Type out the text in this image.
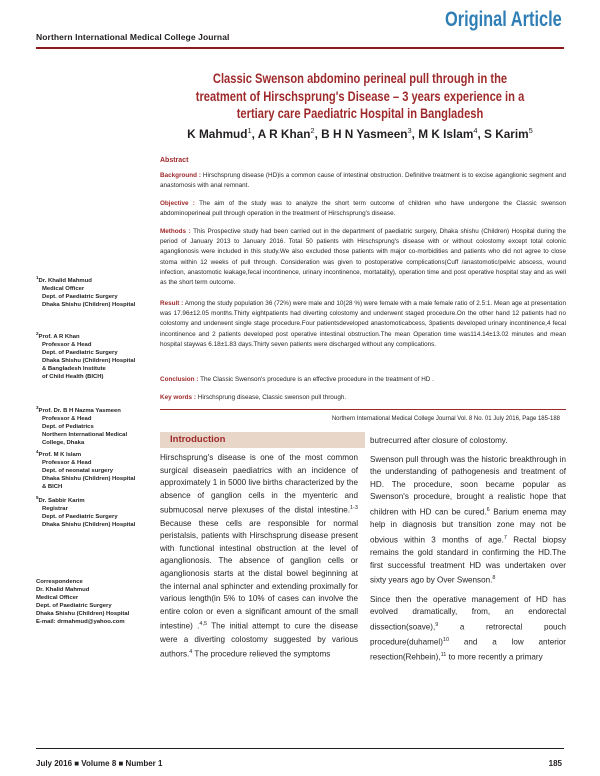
Northern International Medical College Journal
Original Article
Classic Swenson abdomino perineal pull through in the treatment of Hirschsprung's Disease – 3 years experience in a tertiary care Paediatric Hospital in Bangladesh
K Mahmud$^1$, A R Khan$^2$, B H N Yasmeen$^3$, M K Islam$^4$, S Karim$^5$
Abstract
Background : Hirschsprung disease (HD)is a common cause of intestinal obstruction. Definitive treatment is to excise aganglionic segment and anastomosis with anal remnant.
Objective : The aim of the study was to analyze the short term outcome of children who have undergone the Classic swenson abdominoperineal pull through operation in the treatment of Hirschsprung's disease.
Methods : This Prospective study had been carried out in the department of paediatric surgery, Dhaka shishu (Children) Hospital during the period of January 2013 to January 2016. Total 50 patients with Hirschsprung's disease with or without colostomy except total colonic aganglionosis were included in this study.We also excluded those patients with major co-morbidities and patients who did not agree to close stoma within 12 weeks of pull through. Consideration was given to postoperative complications(Cuff /anastomotic/pelvic abscess, wound infection, anastomotic leakage,fecal incontinence, urinary incontinence, mortatality), operation time and post operative hospital stay and as well as the short term outcome.
Result : Among the study population 36 (72%) were male and 10(28 %) were female with a male female ratio of 2.5:1. Mean age at presentation was 17.96±12.05 months.Thirty eightpatients had diverting colostomy and underwent staged procedure.On the other hand 12 patients had no colostomy and underwent single stage procedure.Four patientsdeveloped anastomoticabcess, 3patients developed urinary incontinence,4 fecal incontinence and 2 patients developed post operative intestinal obstruction.The mean Operation time was114.14±13.02 minutes and mean hospital staywas 6.18±1.83 days.Thirty seven patients were discharged without any complications.
Conclusion : The Classic Swenson's procedure is an effective procedure in the treatment of HD .
Key words : Hirschsprung disease, Classic swenson pull through.
Northern International Medical College Journal Vol. 8 No. 01 July 2016, Page 185-188
Introduction

Hirschsprung's disease is one of the most common surgical diseasein paediatrics with an incidence of approximately 1 in 5000 live births characterized by the absence of ganglion cells in the myenteric and submucosal nerve plexuses of the distal intestine.$^{1-3}$ Because these cells are responsible for normal peristalsis, patients with Hirschsprung disease present with functional intestinal obstruction at the level of aganglionosis. The absence of ganglion cells or aganglionosis starts at the distal bowel beginning at the internal anal sphincter and extending proximally for various length(in 5% to 10% of cases can involve the entire colon or even a significant amount of the small intestine) .$^{4,5}$ The initial attempt to cure the disease were a diverting colostomy suggested by various authors.$^4$ The procedure relieved the symptoms

butrecurred after closure of colostomy.

Swenson pull through was the historic breakthrough in the understanding of pathogenesis and treatment of HD. The procedure, soon became popular as Swenson's procedure, brought a realistic hope that children with HD can be cured.$^6$ Barium enema may help in diagnosis but transition zone may not be obvious within 3 months of age.$^7$ Rectal biopsy remains the gold standard in confirming the HD.The first successful treatment HD was undertaken over sixty years ago by Over Swenson.$^8$

Since then the operative management of HD has evolved dramatically, from, an endorectal dissection(soave),$^9$ a retrorectal pouch procedure(duhamel)$^{10}$ and a low anterior resection(Rehbein),$^{11}$ to more recently a primary

$^1$Dr. Khalid Mahmud
Medical Officer
Dept. of Paediatric Surgery
Dhaka Shishu (Children) Hospital
$^2$Prof. A R Khan
Professor & Head
Dept. of Paediatric Surgery
Dhaka Shishu (Children) Hospital
& Bangladesh Institute
of Child Health (BICH)
$^3$Prof. Dr. B H Nazma Yasmeen
Professor & Head
Dept. of Pediatrics
Northern International Medical
College, Dhaka
$^4$Prof. M K Islam
Professor & Head
Dept. of neonatal surgery
Dhaka Shishu (Children) Hospital
& BICH
$^5$Dr. Sabbir Karim
Registrar
Dept. of Paediatric Surgery
Dhaka Shishu (Children) Hospital
Correspondence
Dr. Khalid Mahmud
Medical Officer
Dept. of Paediatric Surgery
Dhaka Shishu (Children) Hospital
E-mail: drmahmud@yahoo.com
July 2016 ■ Volume 8 ■ Number 1	185
